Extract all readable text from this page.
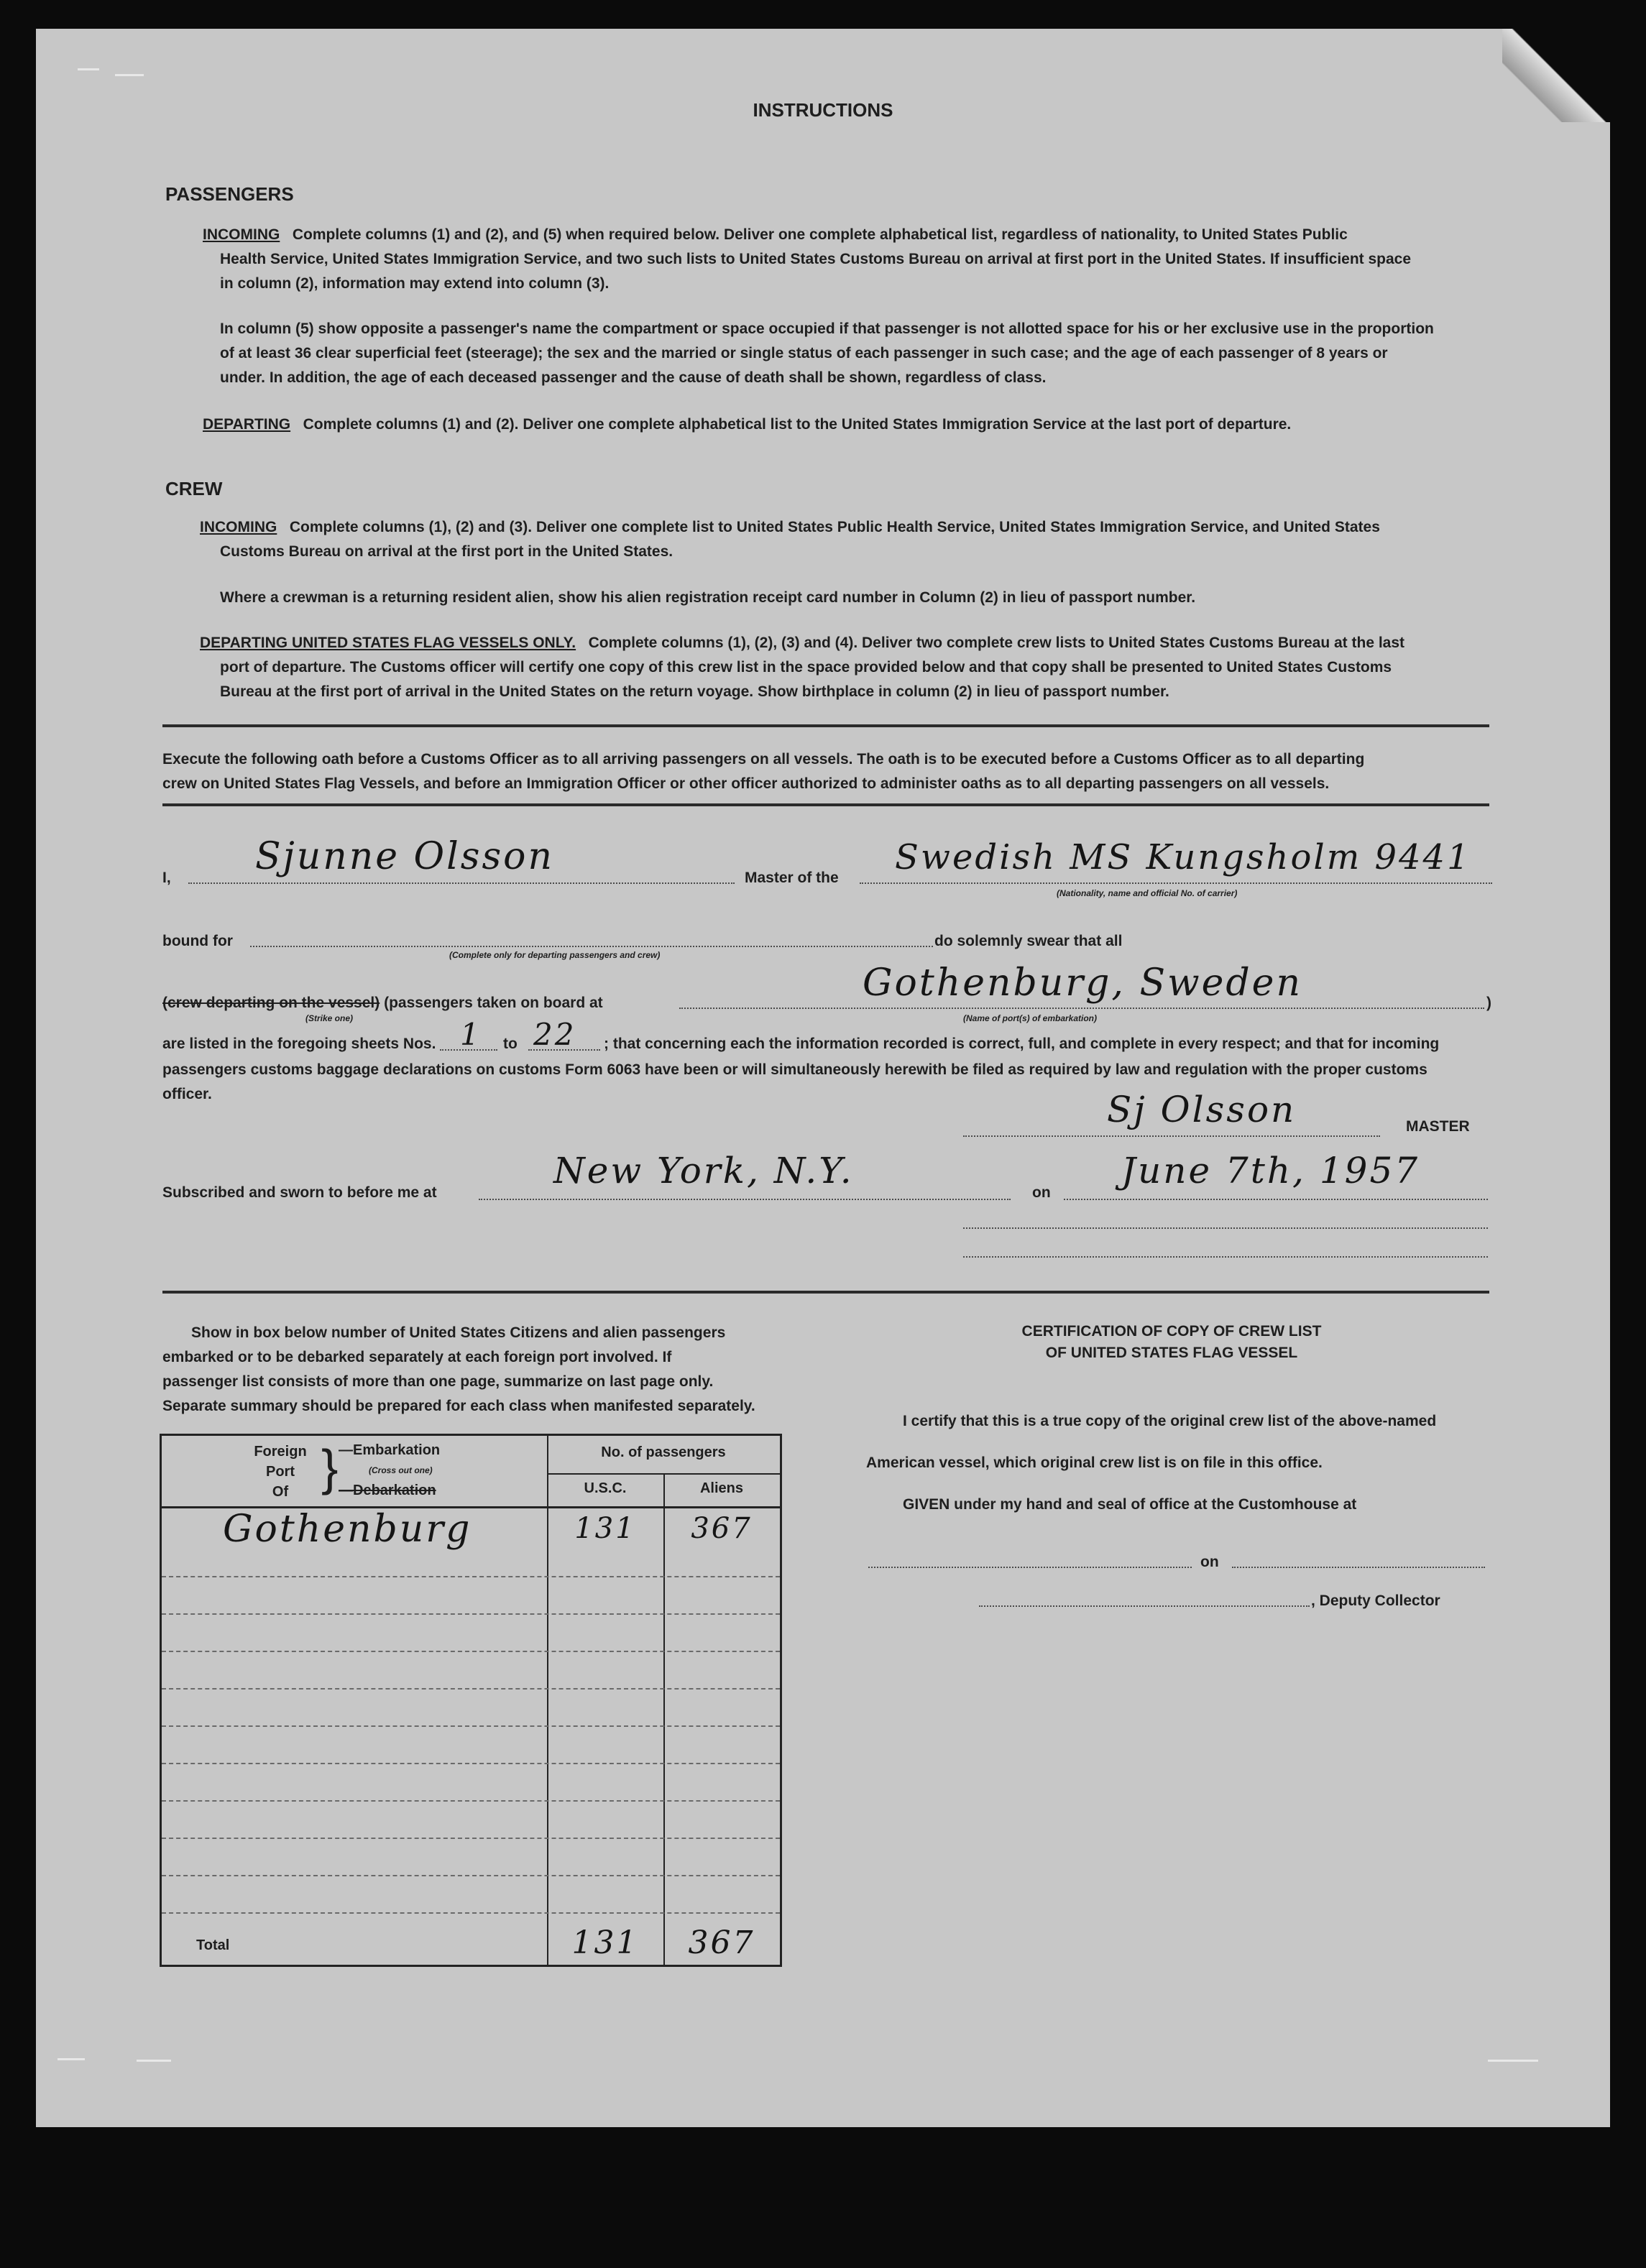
INSTRUCTIONS
PASSENGERS
INCOMING Complete columns (1) and (2), and (5) when required below. Deliver one complete alphabetical list, regardless of nationality, to United States Public
Health Service, United States Immigration Service, and two such lists to United States Customs Bureau on arrival at first port in the United States. If insufficient space
in column (2), information may extend into column (3).
In column (5) show opposite a passenger's name the compartment or space occupied if that passenger is not allotted space for his or her exclusive use in the proportion
of at least 36 clear superficial feet (steerage); the sex and the married or single status of each passenger in such case; and the age of each passenger of 8 years or
under. In addition, the age of each deceased passenger and the cause of death shall be shown, regardless of class.
DEPARTING Complete columns (1) and (2). Deliver one complete alphabetical list to the United States Immigration Service at the last port of departure.
CREW
INCOMING Complete columns (1), (2) and (3). Deliver one complete list to United States Public Health Service, United States Immigration Service, and United States
Customs Bureau on arrival at the first port in the United States.
Where a crewman is a returning resident alien, show his alien registration receipt card number in Column (2) in lieu of passport number.
DEPARTING UNITED STATES FLAG VESSELS ONLY. Complete columns (1), (2), (3) and (4). Deliver two complete crew lists to United States Customs Bureau at the last
port of departure. The Customs officer will certify one copy of this crew list in the space provided below and that copy shall be presented to United States Customs
Bureau at the first port of arrival in the United States on the return voyage. Show birthplace in column (2) in lieu of passport number.
Execute the following oath before a Customs Officer as to all arriving passengers on all vessels. The oath is to be executed before a Customs Officer as to all departing
crew on United States Flag Vessels, and before an Immigration Officer or other officer authorized to administer oaths as to all departing passengers on all vessels.
I, Sjunne Olsson	Master of the
Swedish MS Kungsholm 9441
(Nationality, name and official No. of carrier)
bound for
(Complete only for departing passengers and crew)
do solemnly swear that all
(crew departing on the vessel) (passengers taken on board at
(Strike one)
Gothenburg, Sweden
(Name of port(s) of embarkation)
)
are listed in the foregoing sheets Nos. 1 to 22 ; that concerning each the information recorded is correct, full, and complete in every respect; and that for incoming
passengers customs baggage declarations on customs Form 6063 have been or will simultaneously herewith be filed as required by law and regulation with the proper customs
officer.	Sj Olsson	MASTER
Subscribed and sworn to before me at
New York, N.Y.
on
June 7th, 1957
Show in box below number of United States Citizens and alien passengers
embarked or to be debarked separately at each foreign port involved. If
passenger list consists of more than one page, summarize on last page only.
Separate summary should be prepared for each class when manifested separately.
Foreign
Port
Of } —Embarkation
(Cross out one)
—Debarkation
No. of passengers
U.S.C.	Aliens
Gothenburg	131	367
Total	131	367
CERTIFICATION OF COPY OF CREW LIST
OF UNITED STATES FLAG VESSEL
I certify that this is a true copy of the original crew list of the above-named
American vessel, which original crew list is on file in this office.
GIVEN under my hand and seal of office at the Customhouse at
on
, Deputy Collector
